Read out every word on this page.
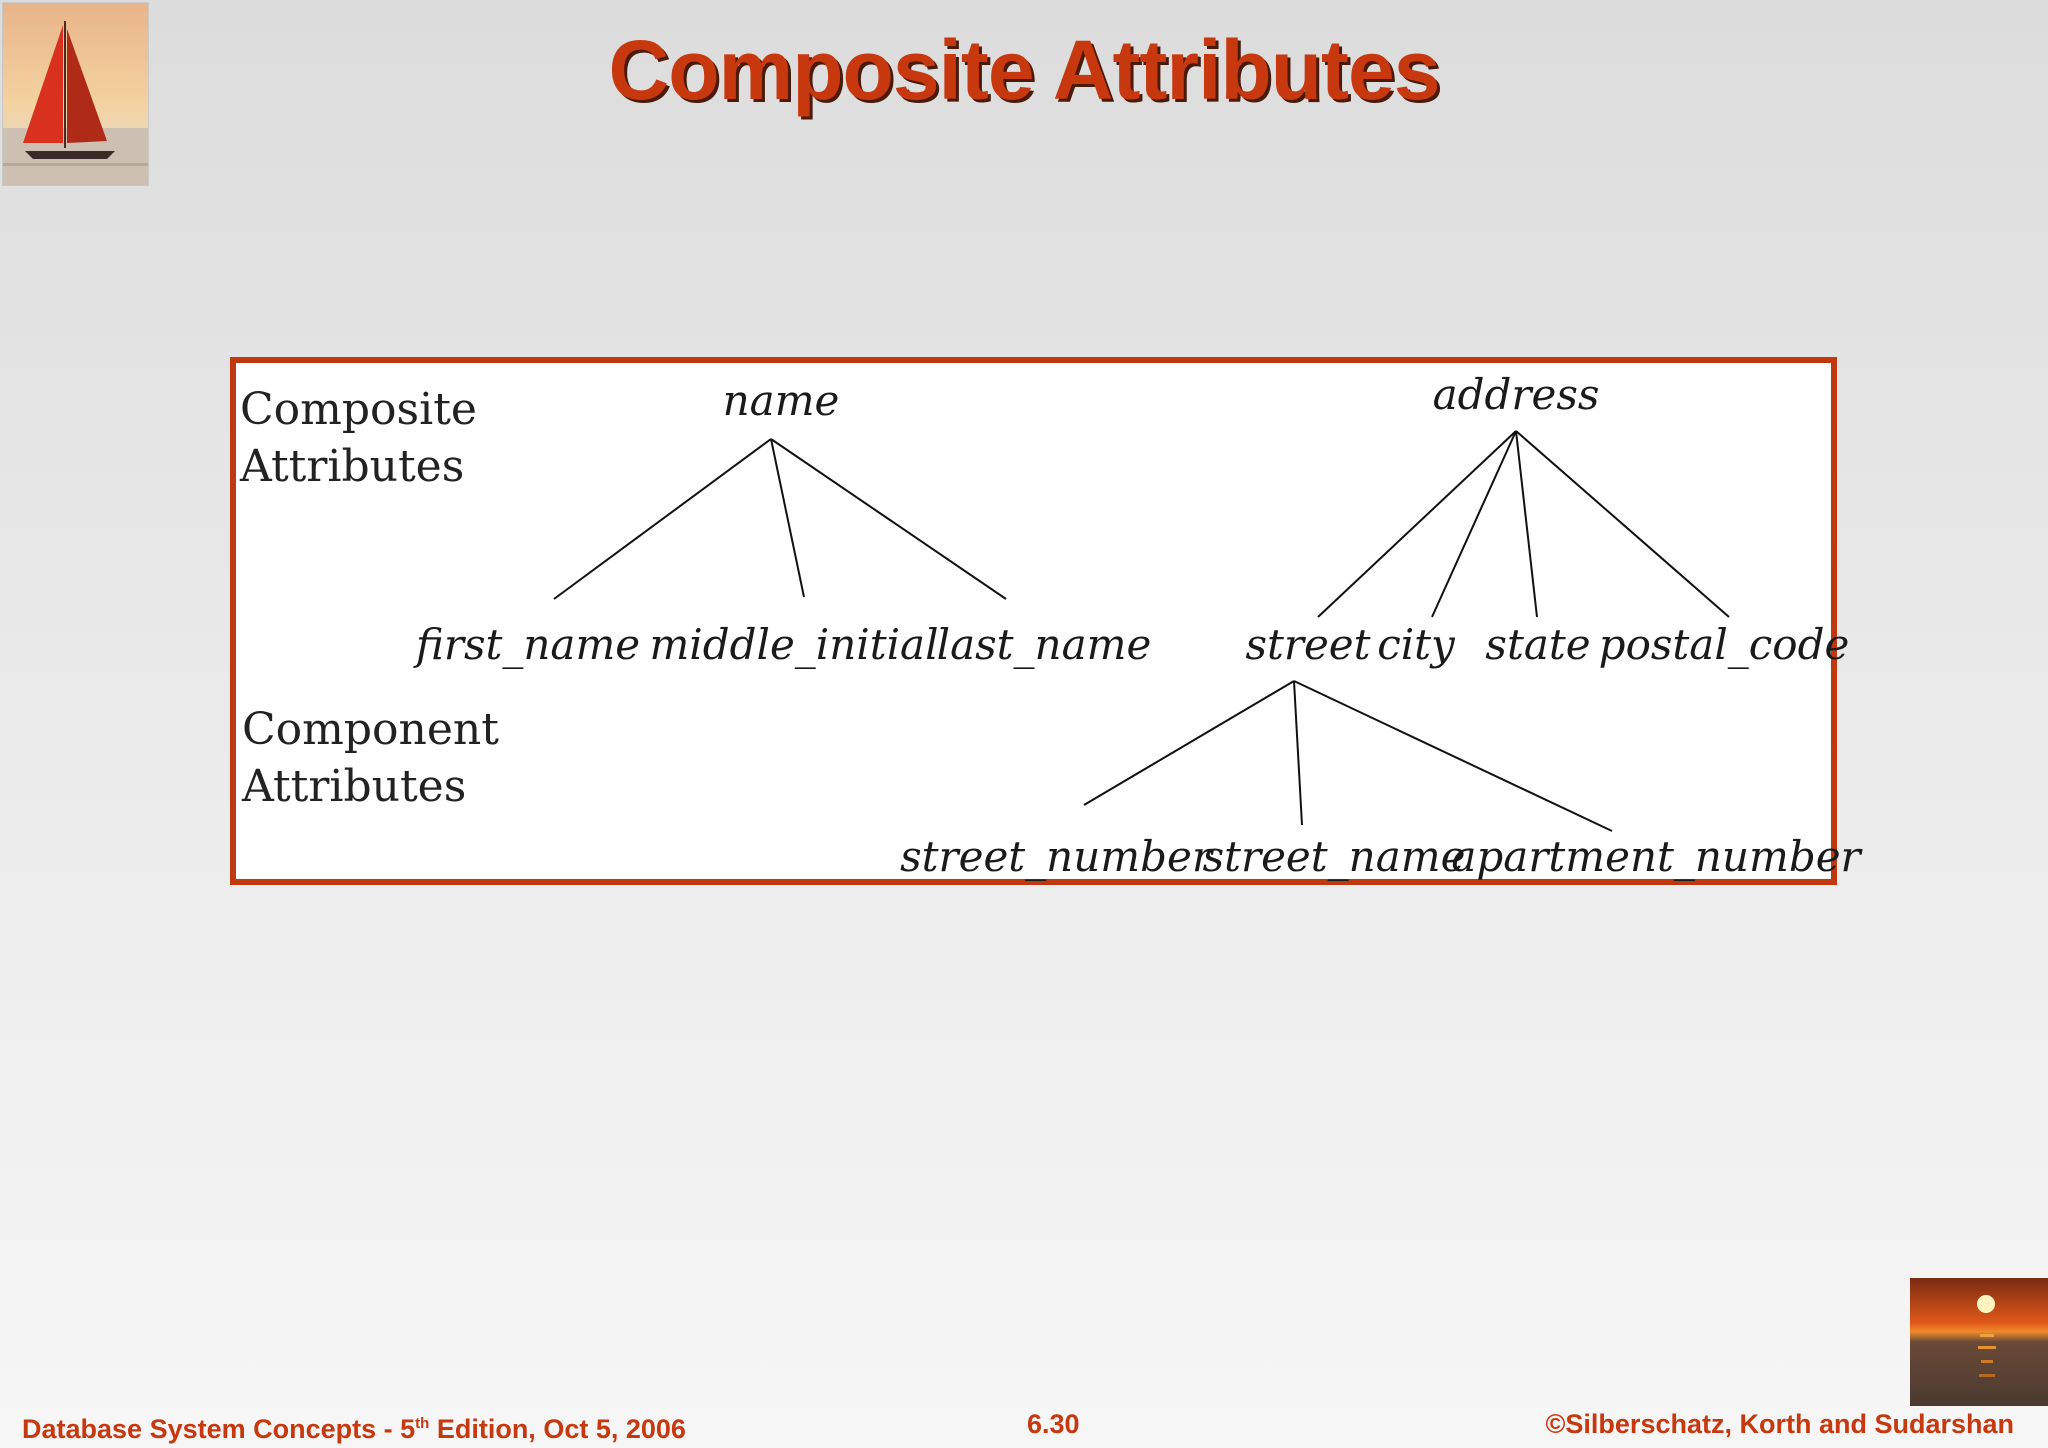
Composite Attributes

Composite
Attributes

Component
Attributes

name
first_name middle_initial
last_name
address
street city state postal_code
street_number
street_name
apartment_number
Database System Concepts - 5th Edition, Oct 5, 2006	6.30	©Silberschatz, Korth and Sudarshan
